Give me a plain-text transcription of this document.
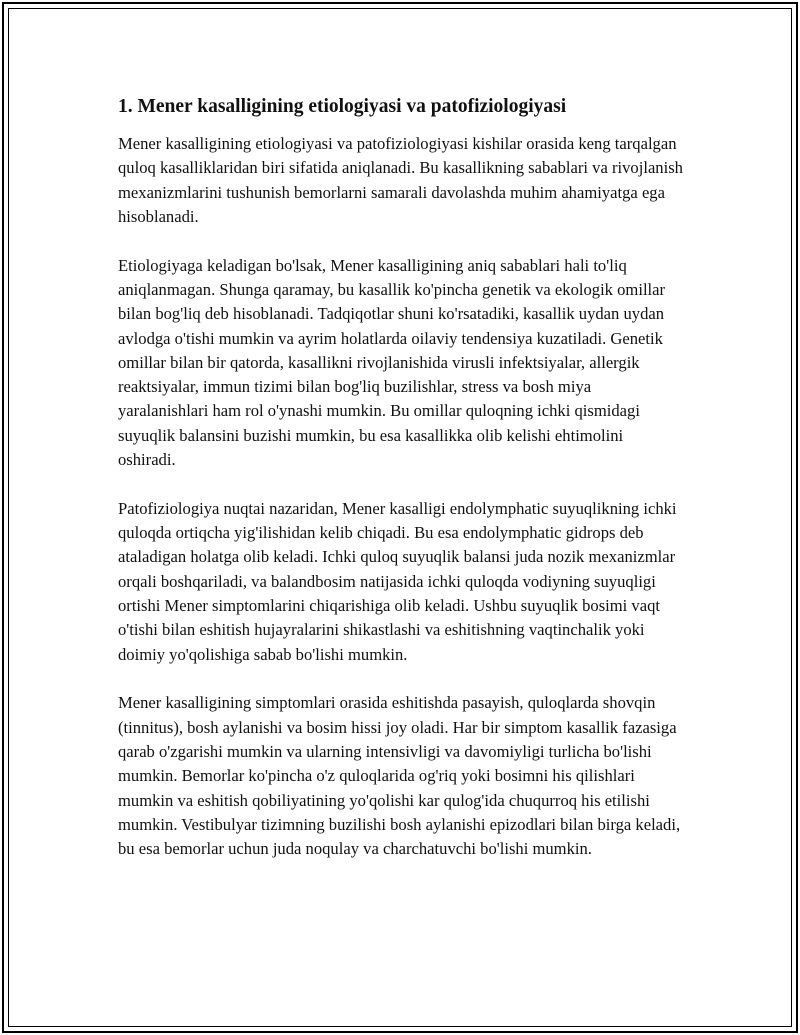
1. Mener kasalligining etiologiyasi va patofiziologiyasi

Mener kasalligining etiologiyasi va patofiziologiyasi kishilar orasida keng tarqalgan quloq kasalliklaridan biri sifatida aniqlanadi. Bu kasallikning sabablari va rivojlanish mexanizmlarini tushunish bemorlarni samarali davolashda muhim ahamiyatga ega hisoblanadi.

Etiologiyaga keladigan bo'lsak, Mener kasalligining aniq sabablari hali to'liq aniqlanmagan. Shunga qaramay, bu kasallik ko'pincha genetik va ekologik omillar bilan bog'liq deb hisoblanadi. Tadqiqotlar shuni ko'rsatadiki, kasallik uydan uydan avlodga o'tishi mumkin va ayrim holatlarda oilaviy tendensiya kuzatiladi. Genetik omillar bilan bir qatorda, kasallikni rivojlanishida virusli infektsiyalar, allergik reaktsiyalar, immun tizimi bilan bog'liq buzilishlar, stress va bosh miya yaralanishlari ham rol o'ynashi mumkin. Bu omillar quloqning ichki qismidagi suyuqlik balansini buzishi mumkin, bu esa kasallikka olib kelishi ehtimolini oshiradi.

Patofiziologiya nuqtai nazaridan, Mener kasalligi endolymphatic suyuqlikning ichki quloqda ortiqcha yig'ilishidan kelib chiqadi. Bu esa endolymphatic gidrops deb ataladigan holatga olib keladi. Ichki quloq suyuqlik balansi juda nozik mexanizmlar orqali boshqariladi, va balandbosim natijasida ichki quloqda vodiyning suyuqligi ortishi Mener simptomlarini chiqarishiga olib keladi. Ushbu suyuqlik bosimi vaqt o'tishi bilan eshitish hujayralarini shikastlashi va eshitishning vaqtinchalik yoki doimiy yo'qolishiga sabab bo'lishi mumkin.

Mener kasalligining simptomlari orasida eshitishda pasayish, quloqlarda shovqin (tinnitus), bosh aylanishi va bosim hissi joy oladi. Har bir simptom kasallik fazasiga qarab o'zgarishi mumkin va ularning intensivligi va davomiyligi turlicha bo'lishi mumkin. Bemorlar ko'pincha o'z quloqlarida og'riq yoki bosimni his qilishlari mumkin va eshitish qobiliyatining yo'qolishi kar qulog'ida chuqurroq his etilishi mumkin. Vestibulyar tizimning buzilishi bosh aylanishi epizodlari bilan birga keladi, bu esa bemorlar uchun juda noqulay va charchatuvchi bo'lishi mumkin.
